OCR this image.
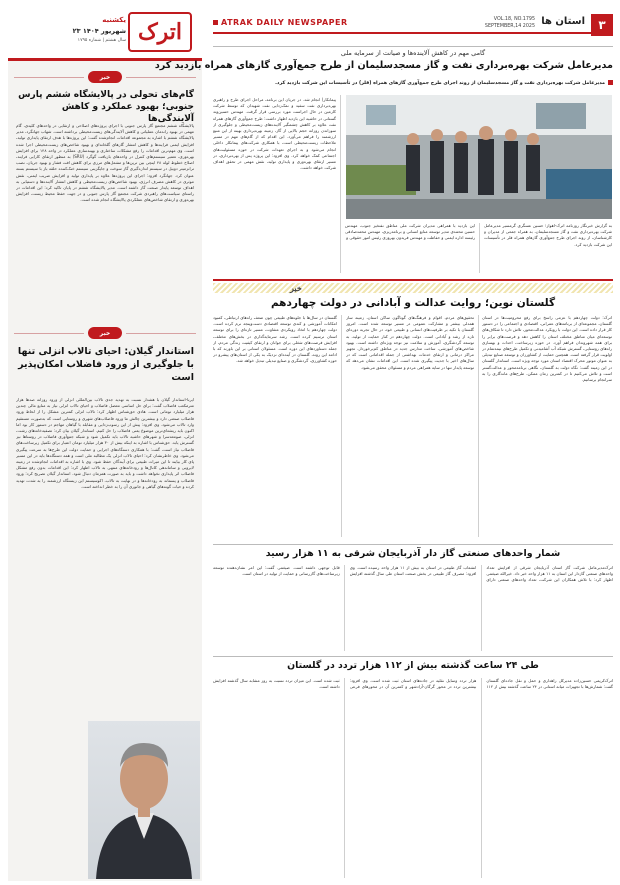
اترک
یکشنبه
۲۳ شهریور ۱۴۰۴
سال هشتم | شماره ۱۷۹۵
ATRAK DAILY NEWSPAPER	استان ها
VOL.18, NO.1795
SEPTEMBER,14 2025	۳
خبر
گام‌های تحولی در پالایشگاه ششم پارس جنوبی؛ بهبود عملکرد و کاهش آلایندگی‌ها
پالایشگاه ششم مجتمع گاز پارس جنوبی با اجرای پروژه‌های اصلاحی و ارتقایی در واحدهای کلیدی، گام مهمی در بهبود راندمان عملیاتی و کاهش آلایندگی‌های زیست‌محیطی برداشته است. شهاب جهانگرد، مدیر پالایشگاه ششم با اشاره به مجموعه اقدامات انجام‌شده گفت: این پروژه‌ها با هدف ارتقای پایداری تولید، افزایش ایمنی فرایندها و کاهش انتشار گازهای گلخانه‌ای و بهبود شاخص‌های زیست‌محیطی اجرا شده است. وی مهم‌ترین اقدامات را رفع مشکلات ساختاری و بهینه‌سازی عملکرد در واحد ۱۴۸ برای افزایش بهره‌وری، تعمیر سیستم‌های کنترل در واحدهای بازیافت گوگرد (SRU) به منظور ارتقای کارایی فرایند، اصلاح خطوط لوله ۴۸ اینچی بین ترین‌ها و مشعل‌های مرزی برای کاهش افت فشار و بهبود جریان، نصب ترانزمیتر دوبیل در سیستم اندازه‌گیری گاز سوخت و جایگزینی سیستم خنک‌کننده حلقه باز با سیستم بسته عنوان کرد. جهانگرد افزود: اجرای این پروژه‌ها علاوه بر پایداری تولید و افزایش ضریب ایمنی، نقش موثری در کاهش مصرف انرژی، بهبود شاخص‌های زیست‌محیطی و کاهش انتشار آلاینده‌ها و دستیابی به اهداف توسعه پایدار صنعت گاز داشته است. مدیر پالایشگاه ششم در پایان تاکید کرد: این اقدامات در راستای سیاست‌های راهبردی شرکت مجتمع گاز پارس جنوبی و در جهت حفظ محیط زیست، افزایش بهره‌وری و ارتقای شاخص‌های عملکردی پالایشگاه انجام شده است.
خبر
استاندار گیلان: احیای تالاب انزلی تنها با جلوگیری از ورود فاضلاب امکان‌پذیر است
ایرنا-استاندار گیلان با هشدار نسبت به تهدید جدی تالاب بین‌المللی انزلی از ورود روزانه صدها هزار مترمکعب فاضلاب گفت: برای حل اساسی معضل فاضلاب و احیای تالاب انزلی نیاز به منابع مالی چندین هزار میلیارد تومانی است. هادی حق‌شناس اظهار کرد: تالاب انزلی کمترین مشکل را از لحاظ ورود فاضلاب صنعتی دارد و بیشترین چالش ما ورود فاضلاب‌های شهری و روستایی است که به‌صورت مستقیم وارد تالاب می‌شود. وی افزود: پیش از این رسوب‌زدایی و مقابله با گیاهان مهاجم در دستور کار بود اما اکنون باید ریشه‌ای‌ترین موضوع یعنی فاضلاب را حل کنیم. استاندار گیلان بیان کرد: تصفیه‌خانه‌های رشت، انزلی، صومعه‌سرا و شهرهای حاشیه تالاب باید تکمیل شود و شبکه جمع‌آوری فاضلاب در روستاها نیز گسترش یابد. حق‌شناس با اشاره به اینکه بیش از ۳۰ هزار میلیارد تومان اعتبار برای تکمیل زیرساخت‌های فاضلاب نیاز است، گفت: با همکاری دستگاه‌های اجرایی و حمایت دولت این طرح‌ها به سرعت پیگیری می‌شود. وی خاطرنشان کرد: احیای تالاب انزلی یک مطالبه ملی است و همه دستگاه‌ها باید در این مسیر پای کار بیایند تا این میراث طبیعی برای آیندگان حفظ شود. وی با اشاره به اقدامات انجام‌شده در زمینه لایروبی و ساماندهی کانال‌ها و رودخانه‌های منتهی به تالاب اظهار کرد: این اقدامات بدون رفع مشکل فاضلاب اثر پایداری نخواهد داشت و باید به صورت همزمان دنبال شود. استاندار گیلان تصریح کرد: ورود فاضلاب و پسماند به رودخانه‌ها و در نهایت به تالاب، اکوسیستم این زیستگاه ارزشمند را به شدت تهدید کرده و حیات گونه‌های گیاهی و جانوری آن را به خطر انداخته است.
گامی مهم در کاهش آلاینده‌ها و صیانت از سرمایه ملی
مدیرعامل شرکت بهره‌برداری نفت و گاز مسجدسلیمان از طرح جمع‌آوری گازهای همراه بازدید کرد
مدیرعامل شرکت بهره‌برداری نفت و گاز مسجدسلیمان از روند اجرای طرح جمع‌آوری گازهای همراه (فلر) در تأسیسات این شرکت بازدید کرد.
به گزارش خبرنگار روزنامه اترک-اهواز؛ حسین عسگری گرمسیر مدیرعامل شرکت بهره‌برداری نفت و گاز مسجدسلیمان، به همراه جمعی از مدیران و کارشناسان، از روند اجرای طرح جمع‌آوری گازهای همراه فلر در تأسیسات این شرکت بازدید کرد.
این بازدید با همراهی مدیران شرکت ملی مناطق نفتخیز جنوب، مهندس حسین محمدی مدیر توسعه منابع انسانی و برنامه‌ریزی، مهندس محمدصادقی رئیسه اداره ایمنی و حفاظت و مهندس فریدون بهروزی رئیس امور حقوقی و
پیمانکار) انجام شد. در جریان این برنامه، مراحل اجرای طرح و راهبری بهره‌برداری نفت سفید و نمک‌زدایی نفت شهیدان که توسط شرکت کارمین در حال اجراست مورد بررسی قرار گرفت. مهندس حسین‌وند گستانی در حاشیه این بازدید اظهار داشت: طرح جمع‌آوری گازهای همراه نفت علاوه بر کاهش چشمگیر آلاینده‌های زیست‌محیطی و جلوگیری از سوزاندن روزانه حجم بالایی از گاز، زمینه بهره‌برداری بهینه از این منبع ارزشمند را فراهم می‌آورد. این اقدام که از گام‌های مهم در مسیر ملاحظات زیست‌محیطی است، با همکاری شرکت‌های پیمانکار داخلی انجام می‌شود و به اجرای تعهدات شرکت در حوزه مسئولیت‌های اجتماعی کمک خواهد کرد. وی افزود: این پروژه پس از بهره‌برداری، در مسیر ارتقای بهره‌وری و پایداری تولید، نقش مهمی در تحقق اهداف شرکت خواهد داشت.
خبر
گلستان نوین؛ روایت عدالت و آبادانی در دولت چهاردهم
اترک: دولت چهاردهم با عزمی راسخ برای رفع محرومیت‌ها در استان گلستان، مجموعه‌ای از برنامه‌های عمرانی، اقتصادی و اجتماعی را در دستور کار قرار داده است. این دولت با رویکرد عدالت‌محور، تلاش دارد تا شکاف‌های توسعه‌ای میان مناطق مختلف استان را کاهش دهد و فرصت‌های برابر را برای همه شهروندان فراهم آورد. در حوزه زیرساخت، احداث و بهسازی راه‌های روستایی، گسترش شبکه آب آشامیدنی و تکمیل طرح‌های نیمه‌تمام در اولویت قرار گرفته است. همچنین حمایت از کشاورزان و توسعه صنایع تبدیلی به عنوان موتور محرک اقتصاد استان مورد توجه ویژه است. استاندار گلستان در این زمینه گفت: نگاه دولت به گلستان، نگاهی برنامه‌محور و عدالت‌گستر است و تلاش می‌کنیم تا در کمترین زمان ممکن، طرح‌های ماندگاری را به سرانجام برسانیم.
تحقیق‌های مردم، اقوام و فرهنگ‌های گوناگون ساکن استان، زمینه ساز همدلی بیشتر و مشارکت عمومی در مسیر توسعه شده است. امروز گلستان با تکیه بر ظرفیت‌های انسانی و طبیعی خود، در حال تجربه دوره‌ای تازه از رشد و آبادانی است. دولت چهاردهم در کنار حمایت از تولید، به توسعه گردشگری، آموزش و سلامت نیز توجه ویژه‌ای داشته است. بهبود شاخص‌های آموزشی، ساخت مدارس جدید در مناطق کم‌برخوردار، تجهیز مراکز درمانی و ارتقای خدمات بهداشتی از جمله اقداماتی است که در سال‌های اخیر با جدیت پیگیری شده است. این اقدامات نشان می‌دهد که توسعه پایدار تنها در سایه همراهی مردم و مسئولان محقق می‌شود.
گلستان در سال‌ها با جلوه‌های طبیعی چون ضعف راه‌های ارتباطی، کمبود امکانات آموزشی و کندی توسعه اقتصادی دست‌وپنجه نرم کرده است. دولت چهاردهم با اتخاذ رویکردی متفاوت، مسیر تازه‌ای را برای توسعه استان ترسیم کرده است. رشد سرمایه‌گذاری در بخش‌های مختلف، افزایش فرصت‌های شغلی برای جوانان و ارتقای کیفیت زندگی مردم، از جمله دستاوردهای این دوره است. مسئولان استانی بر این باورند که با ادامه این روند، گلستان در آینده‌ای نزدیک به یکی از استان‌های پیشرو در حوزه کشاورزی، گردشگری و صنایع تبدیلی تبدیل خواهد شد.
شمار واحدهای صنعتی گاز دار آذربایجان شرقی به ۱۱ هزار رسید
اترک‌مدیرعامل شرکت گاز استان آذربایجان شرقی از افزایش تعداد واحدهای صنعتی گازدار این استان به ۱۱ هزار واحد خبر داد. خیرالله ضیغمی اظهار کرد: با تلاش همکاران این شرکت، تعداد واحدهای صنعتی دارای انشعاب گاز طبیعی در استان به بیش از ۱۱ هزار واحد رسیده است. وی افزود: مصرف گاز طبیعی در بخش صنعت استان طی سال گذشته افزایش قابل توجهی داشته است. ضیغمی گفت: این امر نشان‌دهنده توسعه زیرساخت‌های گازرسانی و حمایت از تولید در استان است.
طی ۲۴ ساعت گذشته بیش از ۱۱۲ هزار تردد در گلستان
اترک‌کریمی حسین‌زاده مدیرکل راهداری و حمل و نقل جاده‌ای گلستان گفت: شمارش‌ها با تجهیزات میانه استانی در ۲۴ ساعت گذشته بیش از ۱۱۲ هزار تردد وسایل نقلیه در جاده‌های استان ثبت شده است. وی افزود: بیشترین تردد در محور گرگان-آزادشهر و کمترین آن در محورهای فرعی ثبت شده است. این میزان تردد نسبت به روز مشابه سال گذشته افزایش داشته است.
